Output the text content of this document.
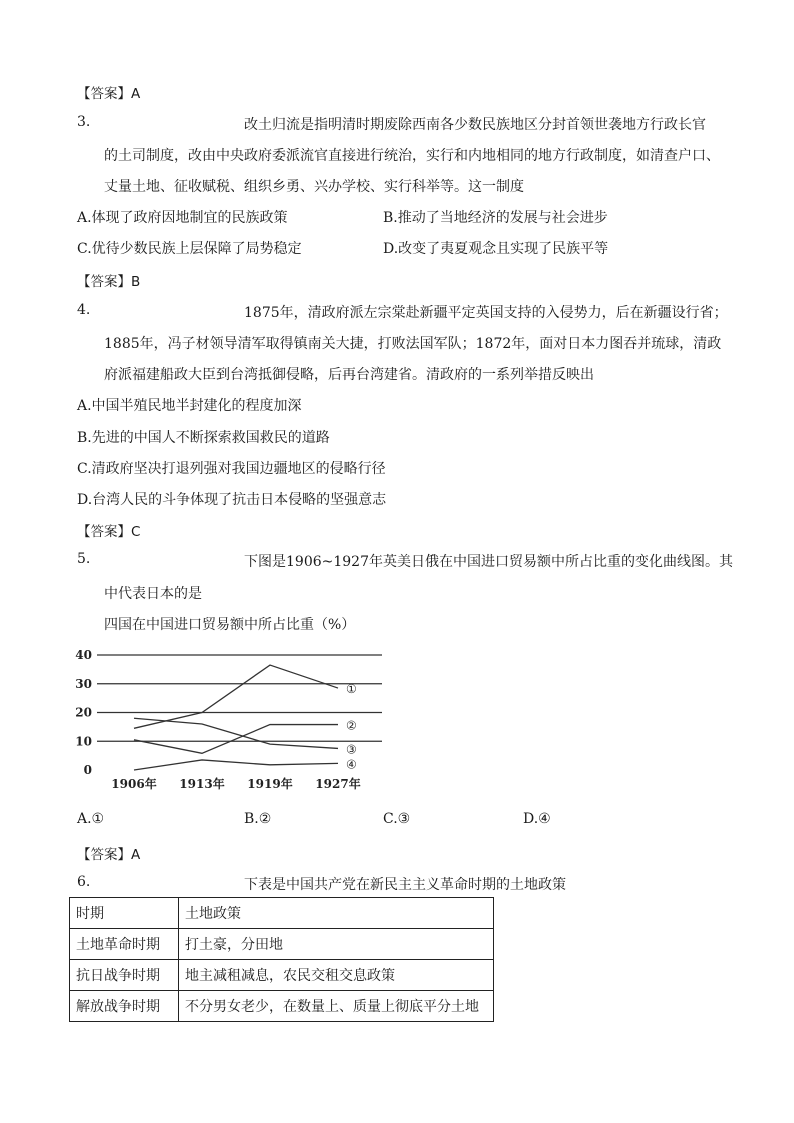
【答案】A
3.	改土归流是指明清时期废除西南各少数民族地区分封首领世袭地方行政长官
的土司制度，改由中央政府委派流官直接进行统治，实行和内地相同的地方行政制度，如清查户口、
丈量土地、征收赋税、组织乡勇、兴办学校、实行科举等。这一制度
A.体现了政府因地制宜的民族政策	B.推动了当地经济的发展与社会进步
C.优待少数民族上层保障了局势稳定	D.改变了夷夏观念且实现了民族平等
【答案】B
4.	1875年，清政府派左宗棠赴新疆平定英国支持的入侵势力，后在新疆设行省；
1885年，冯子材领导清军取得镇南关大捷，打败法国军队；1872年，面对日本力图吞并琉球，清政
府派福建船政大臣到台湾抵御侵略，后再台湾建省。清政府的一系列举措反映出
A.中国半殖民地半封建化的程度加深
B.先进的中国人不断探索救国救民的道路
C.清政府坚决打退列强对我国边疆地区的侵略行径
D.台湾人民的斗争体现了抗击日本侵略的坚强意志
【答案】C
5.	下图是1906~1927年英美日俄在中国进口贸易额中所占比重的变化曲线图。其
中代表日本的是
四国在中国进口贸易额中所占比重（%）
0
10
20
30
40
1906年 1913年 1919年 1927年
①
②
③
④
A.①	B.②	C.③	D.④
【答案】A
6.	下表是中国共产党在新民主主义革命时期的土地政策
时期	土地政策
土地革命时期	打土豪，分田地
抗日战争时期	地主减租减息，农民交租交息政策
解放战争时期	不分男女老少，在数量上、质量上彻底平分土地
